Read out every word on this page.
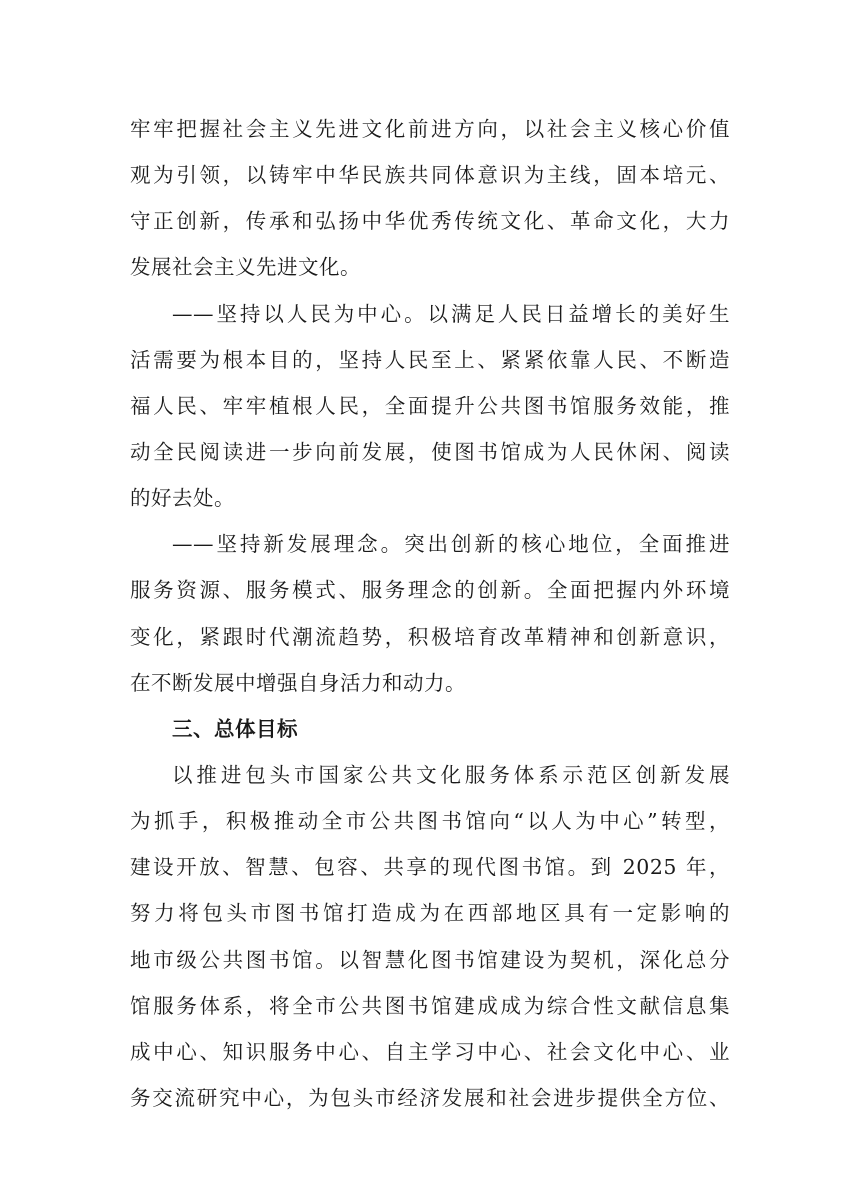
牢牢把握社会主义先进文化前进方向，以社会主义核心价值
观为引领，以铸牢中华民族共同体意识为主线，固本培元、
守正创新，传承和弘扬中华优秀传统文化、革命文化，大力
发展社会主义先进文化。
——坚持以人民为中心。以满足人民日益增长的美好生
活需要为根本目的，坚持人民至上、紧紧依靠人民、不断造
福人民、牢牢植根人民，全面提升公共图书馆服务效能，推
动全民阅读进一步向前发展，使图书馆成为人民休闲、阅读
的好去处。
——坚持新发展理念。突出创新的核心地位，全面推进
服务资源、服务模式、服务理念的创新。全面把握内外环境
变化，紧跟时代潮流趋势，积极培育改革精神和创新意识，
在不断发展中增强自身活力和动力。
三、总体目标
以推进包头市国家公共文化服务体系示范区创新发展
为抓手，积极推动全市公共图书馆向“以人为中心”转型，
建设开放、智慧、包容、共享的现代图书馆。到 2025 年，
努力将包头市图书馆打造成为在西部地区具有一定影响的
地市级公共图书馆。以智慧化图书馆建设为契机，深化总分
馆服务体系，将全市公共图书馆建成成为综合性文献信息集
成中心、知识服务中心、自主学习中心、社会文化中心、业
务交流研究中心，为包头市经济发展和社会进步提供全方位、
